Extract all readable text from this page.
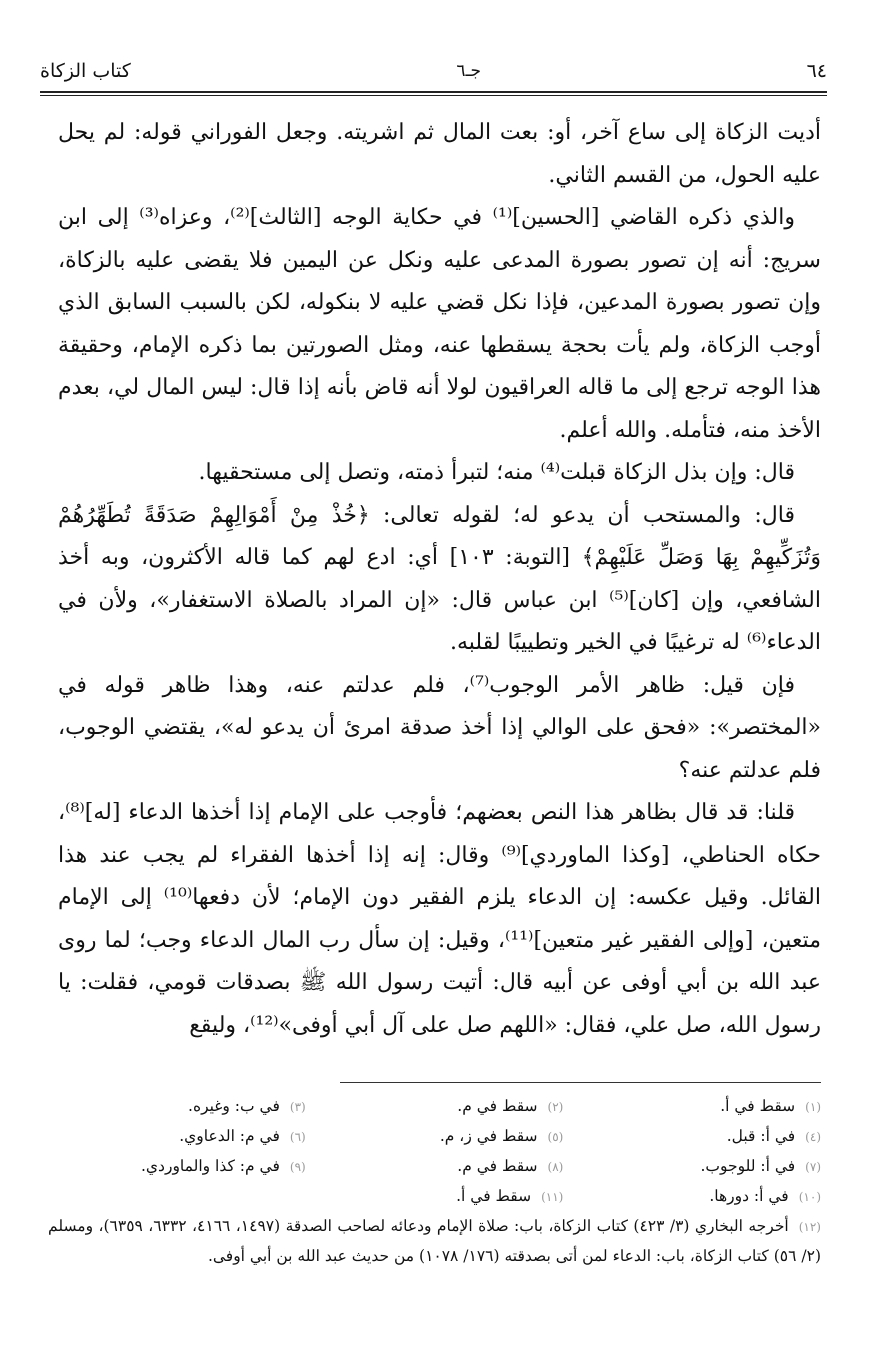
٦٤
جـ٦
كتاب الزكاة

أديت الزكاة إلى ساع آخر، أو: بعت المال ثم اشريته. وجعل الفوراني قوله: لم يحل عليه الحول، من القسم الثاني.

والذي ذكره القاضي [الحسين]⁽¹⁾ في حكاية الوجه [الثالث]⁽²⁾، وعزاه⁽³⁾ إلى ابن سريج: أنه إن تصور بصورة المدعى عليه ونكل عن اليمين فلا يقضى عليه بالزكاة، وإن تصور بصورة المدعين، فإذا نكل قضي عليه لا بنكوله، لكن بالسبب السابق الذي أوجب الزكاة، ولم يأت بحجة يسقطها عنه، ومثل الصورتين بما ذكره الإمام، وحقيقة هذا الوجه ترجع إلى ما قاله العراقيون لولا أنه قاض بأنه إذا قال: ليس المال لي، بعدم الأخذ منه، فتأمله. والله أعلم.

قال: وإن بذل الزكاة قبلت⁽⁴⁾ منه؛ لتبرأ ذمته، وتصل إلى مستحقيها.

قال: والمستحب أن يدعو له؛ لقوله تعالى: ﴿خُذْ مِنْ أَمْوَالِهِمْ صَدَقَةً تُطَهِّرُهُمْ وَتُزَكِّيهِمْ بِهَا وَصَلِّ عَلَيْهِمْ﴾ [التوبة: ١٠٣] أي: ادع لهم كما قاله الأكثرون، وبه أخذ الشافعي، وإن [كان]⁽⁵⁾ ابن عباس قال: «إن المراد بالصلاة الاستغفار»، ولأن في الدعاء⁽⁶⁾ له ترغيبًا في الخير وتطييبًا لقلبه.

فإن قيل: ظاهر الأمر الوجوب⁽⁷⁾، فلم عدلتم عنه، وهذا ظاهر قوله في «المختصر»: «فحق على الوالي إذا أخذ صدقة امرئ أن يدعو له»، يقتضي الوجوب، فلم عدلتم عنه؟

قلنا: قد قال بظاهر هذا النص بعضهم؛ فأوجب على الإمام إذا أخذها الدعاء [له]⁽⁸⁾، حكاه الحناطي، [وكذا الماوردي]⁽⁹⁾ وقال: إنه إذا أخذها الفقراء لم يجب عند هذا القائل. وقيل عكسه: إن الدعاء يلزم الفقير دون الإمام؛ لأن دفعها⁽¹⁰⁾ إلى الإمام متعين، [وإلى الفقير غير متعين]⁽¹¹⁾، وقيل: إن سأل رب المال الدعاء وجب؛ لما روى عبد الله بن أبي أوفى عن أبيه قال: أتيت رسول الله ﷺ بصدقات قومي، فقلت: يا رسول الله، صل علي، فقال: «اللهم صل على آل أبي أوفى»⁽¹²⁾، وليقع

(١)سقط في أ.
(٢)سقط في م.
(٣)في ب: وغيره.
(٤)في أ: قبل.
(٥)سقط في ز، م.
(٦)في م: الدعاوي.
(٧)في أ: للوجوب.
(٨)سقط في م.
(٩)في م: كذا والماوردي.
(١٠)في أ: دورها.
(١١)سقط في أ.
(١٢)أخرجه البخاري (٣/ ٤٢٣) كتاب الزكاة، باب: صلاة الإمام ودعائه لصاحب الصدقة (١٤٩٧، ٤١٦٦، ٦٣٣٢، ٦٣٥٩)، ومسلم (٢/ ٥٦) كتاب الزكاة، باب: الدعاء لمن أتى بصدقته (١٧٦/ ١٠٧٨) من حديث عبد الله بن أبي أوفى.
